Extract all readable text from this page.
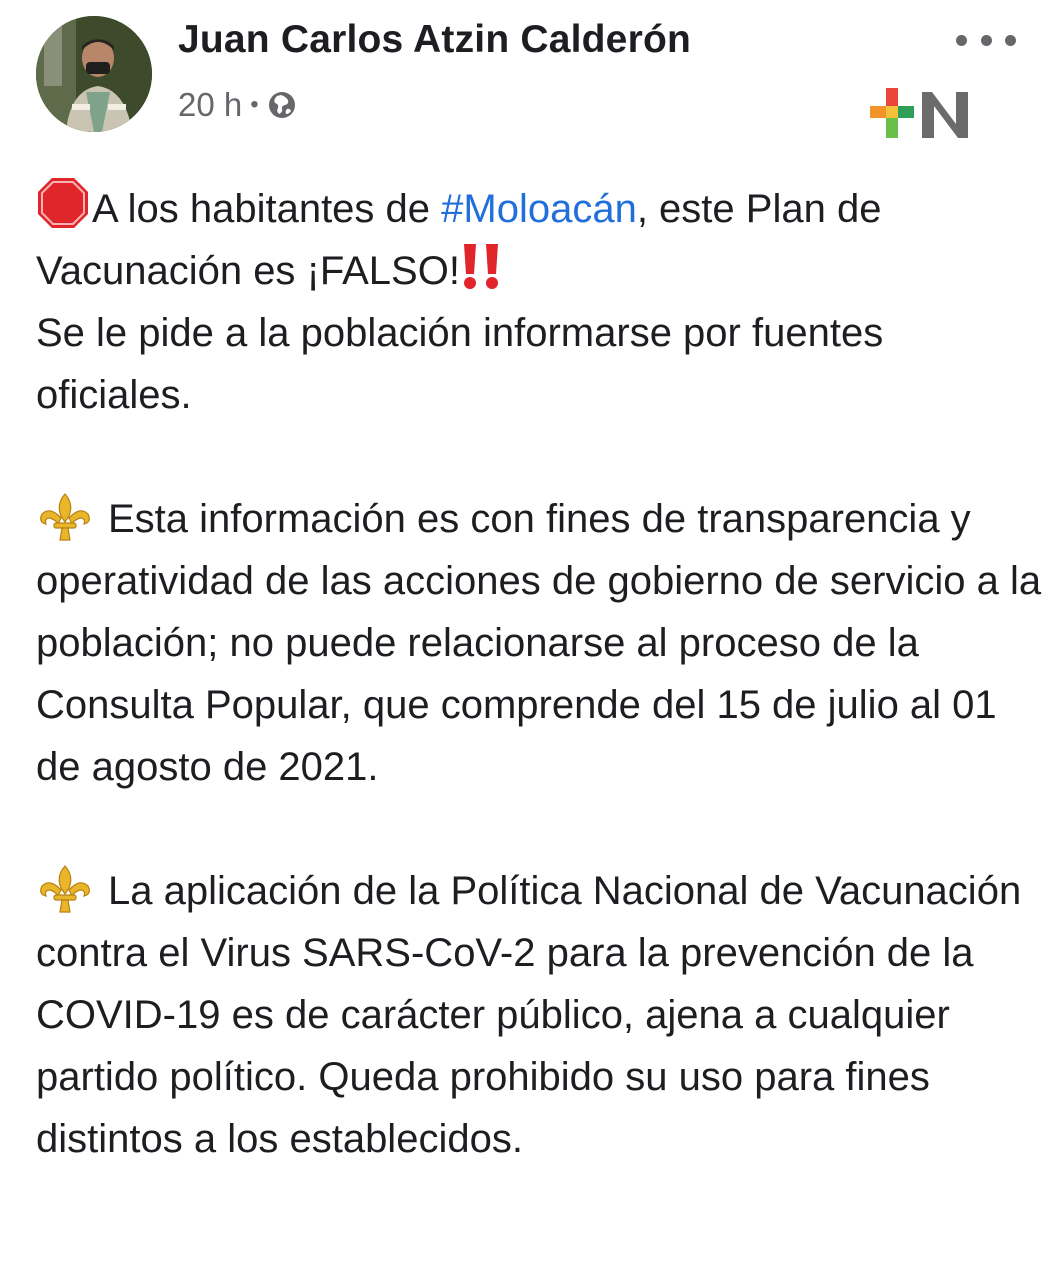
Juan Carlos Atzin Calderón
20 h •

A los habitantes de #Moloacán, este Plan de Vacunación es ¡FALSO!
Se le pide a la población informarse por fuentes oficiales.

Esta información es con fines de transparencia y operatividad de las acciones de gobierno de servicio a la población; no puede relacionarse al proceso de la Consulta Popular, que comprende del 15 de julio al 01 de agosto de 2021.

La aplicación de la Política Nacional de Vacunación contra el Virus SARS-CoV-2 para la prevención de la COVID-19 es de carácter público, ajena a cualquier partido político. Queda prohibido su uso para fines distintos a los establecidos.
